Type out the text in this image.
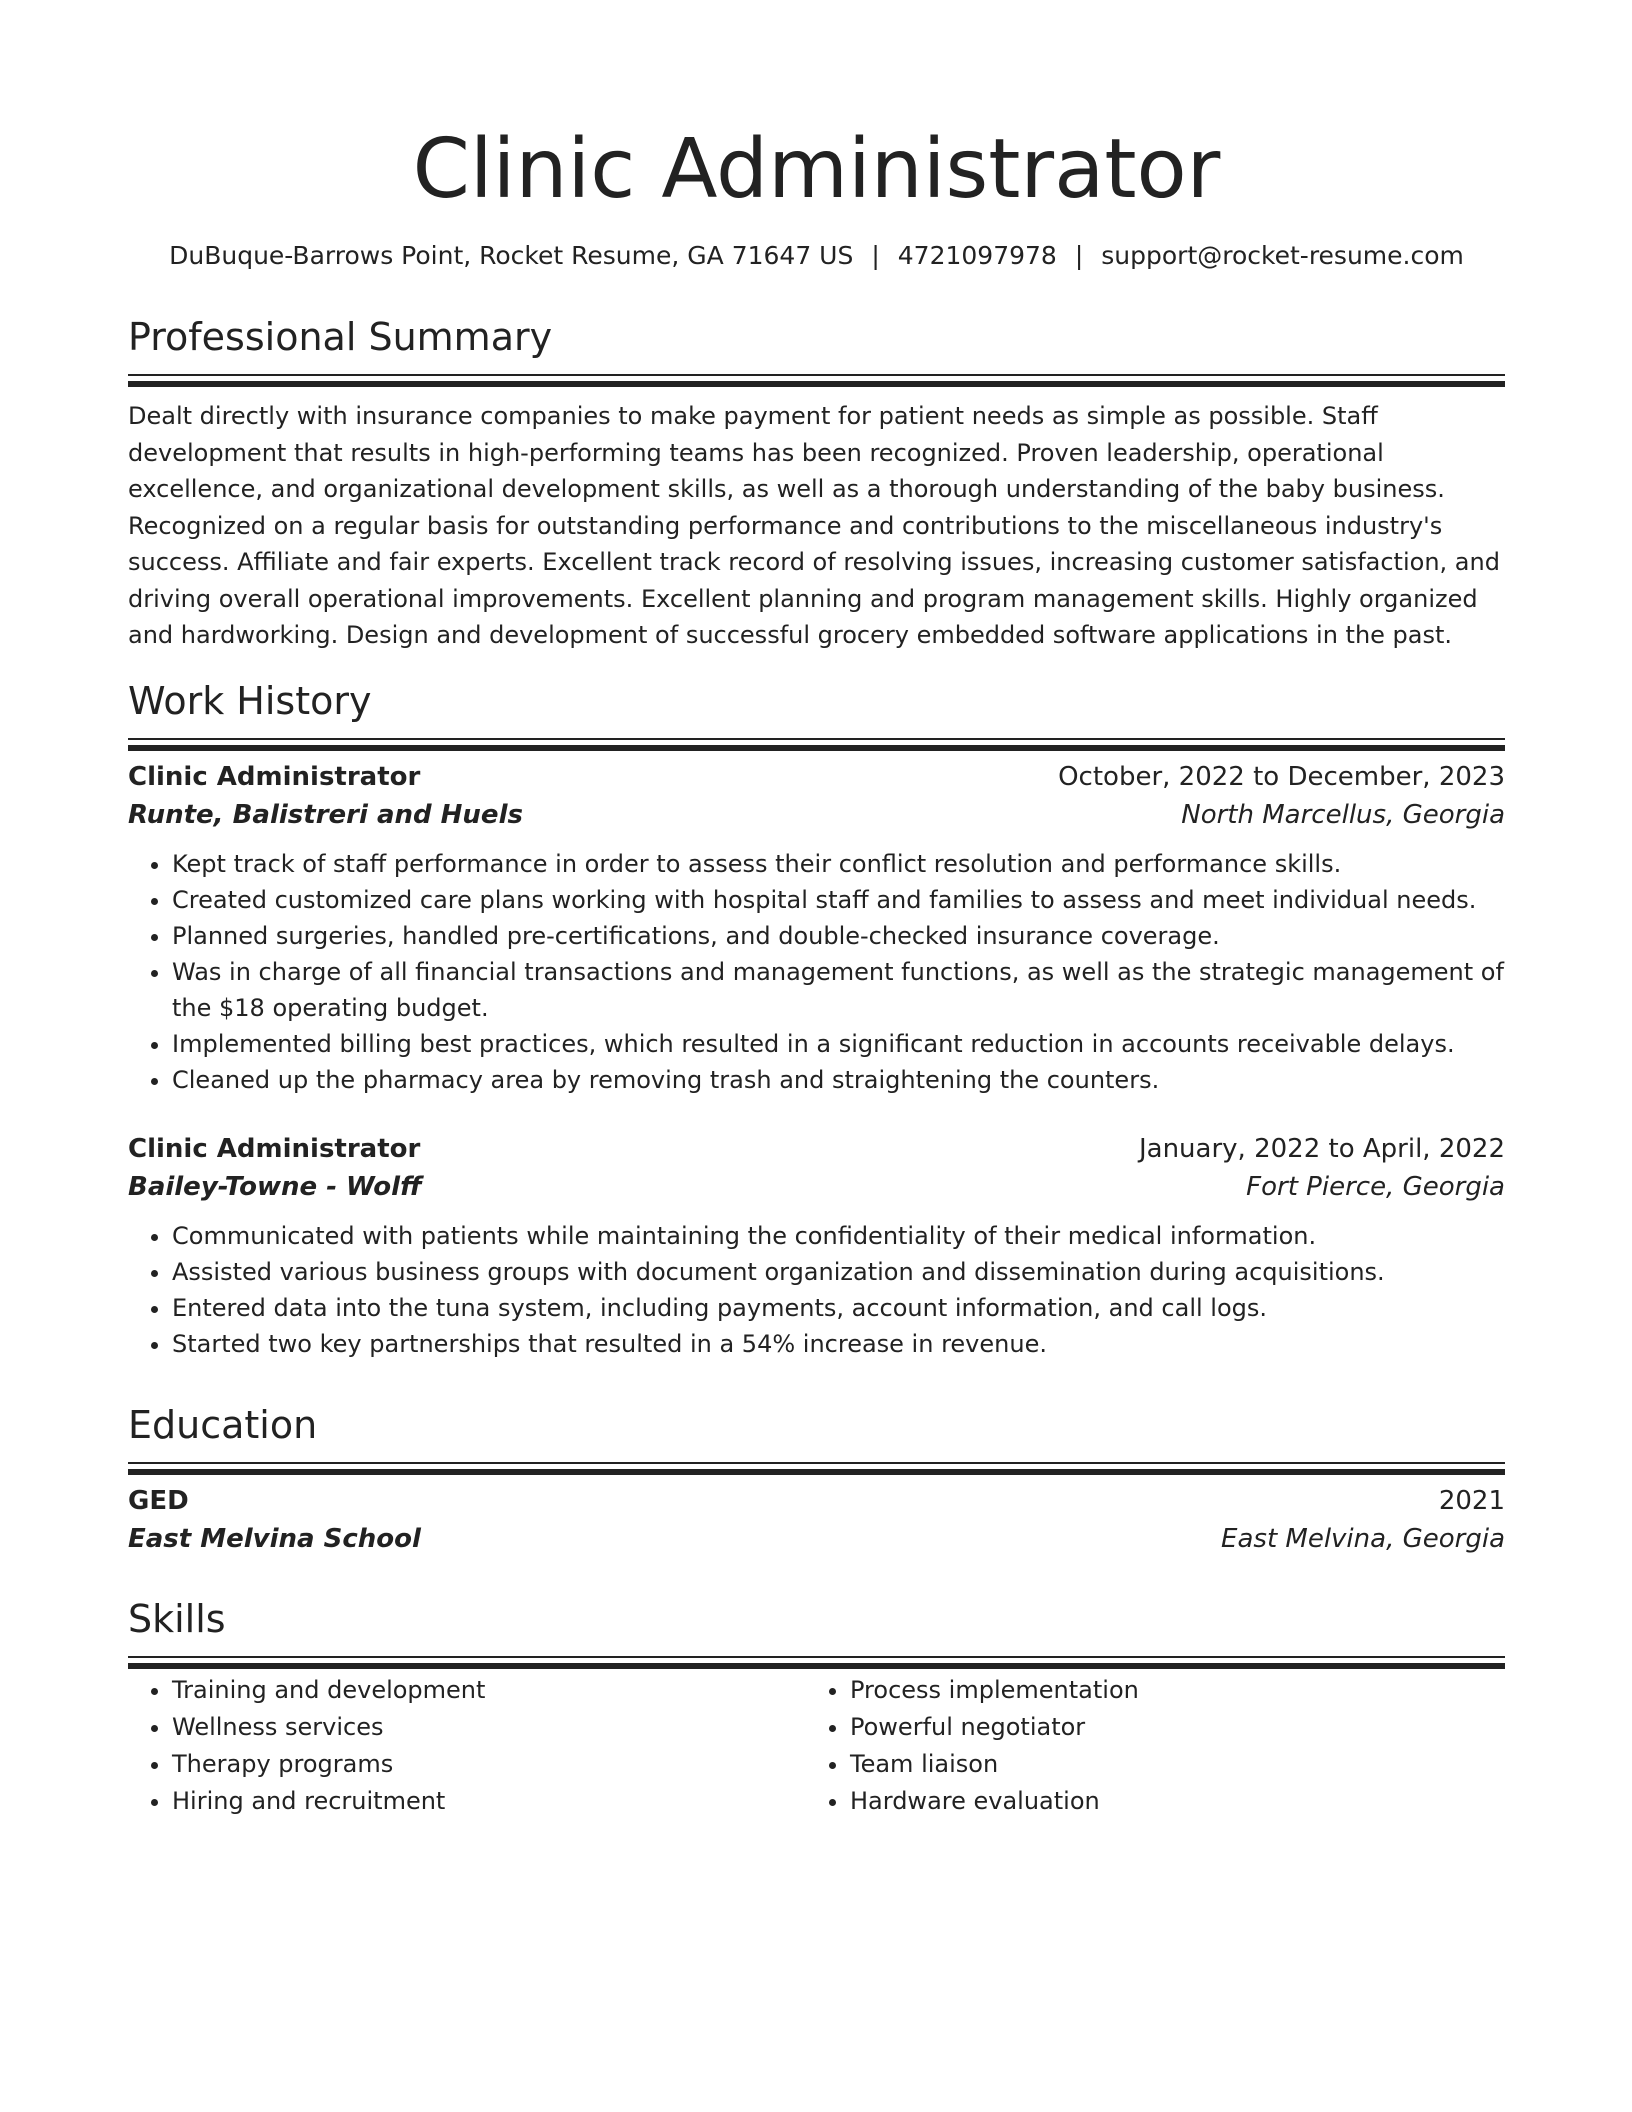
Clinic Administrator
DuBuque-Barrows Point, Rocket Resume, GA 71647 US | 4721097978 | support@rocket-resume.com
Professional Summary
Dealt directly with insurance companies to make payment for patient needs as simple as possible. Staff development that results in high-performing teams has been recognized. Proven leadership, operational excellence, and organizational development skills, as well as a thorough understanding of the baby business. Recognized on a regular basis for outstanding performance and contributions to the miscellaneous industry's success. Affiliate and fair experts. Excellent track record of resolving issues, increasing customer satisfaction, and driving overall operational improvements. Excellent planning and program management skills. Highly organized and hardworking. Design and development of successful grocery embedded software applications in the past.
Work History
Clinic Administrator	October, 2022 to December, 2023
Runte, Balistreri and Huels	North Marcellus, Georgia
• Kept track of staff performance in order to assess their conflict resolution and performance skills.
• Created customized care plans working with hospital staff and families to assess and meet individual needs.
• Planned surgeries, handled pre-certifications, and double-checked insurance coverage.
• Was in charge of all financial transactions and management functions, as well as the strategic management of the $18 operating budget.
• Implemented billing best practices, which resulted in a significant reduction in accounts receivable delays.
• Cleaned up the pharmacy area by removing trash and straightening the counters.
Clinic Administrator	January, 2022 to April, 2022
Bailey-Towne - Wolff	Fort Pierce, Georgia
• Communicated with patients while maintaining the confidentiality of their medical information.
• Assisted various business groups with document organization and dissemination during acquisitions.
• Entered data into the tuna system, including payments, account information, and call logs.
• Started two key partnerships that resulted in a 54% increase in revenue.
Education
GED	2021
East Melvina School	East Melvina, Georgia
Skills
• Training and development
• Wellness services
• Therapy programs
• Hiring and recruitment
• Process implementation
• Powerful negotiator
• Team liaison
• Hardware evaluation
